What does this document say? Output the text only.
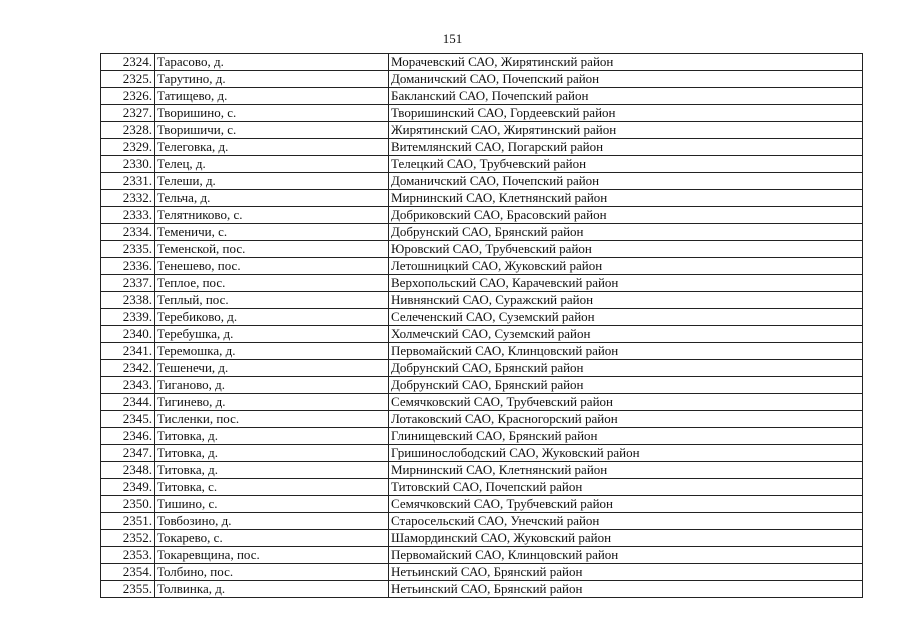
151
2324.	Тарасово, д.	Морачевский САО, Жирятинский район
2325.	Тарутино, д.	Доманичский САО, Почепский район
2326.	Татищево, д.	Бакланский САО, Почепский район
2327.	Творишино, с.	Творишинский САО, Гордеевский район
2328.	Творишичи, с.	Жирятинский САО, Жирятинский район
2329.	Телеговка, д.	Витемлянский САО, Погарский район
2330.	Телец, д.	Телецкий САО, Трубчевский район
2331.	Телеши, д.	Доманичский САО, Почепский район
2332.	Тельча, д.	Мирнинский САО, Клетнянский район
2333.	Телятниково, с.	Добриковский САО, Брасовский район
2334.	Теменичи, с.	Добрунский САО, Брянский район
2335.	Теменской, пос.	Юровский САО, Трубчевский район
2336.	Тенешево, пос.	Летошницкий САО, Жуковский район
2337.	Теплое, пос.	Верхопольский САО, Карачевский район
2338.	Теплый, пос.	Нивнянский САО, Суражский район
2339.	Теребиково, д.	Селеченский САО, Суземский район
2340.	Теребушка, д.	Холмечский САО, Суземский район
2341.	Теремошка, д.	Первомайский САО, Клинцовский район
2342.	Тешенечи, д.	Добрунский САО, Брянский район
2343.	Тиганово, д.	Добрунский САО, Брянский район
2344.	Тигинево, д.	Семячковский САО, Трубчевский район
2345.	Тисленки, пос.	Лотаковский САО, Красногорский район
2346.	Титовка, д.	Глинищевский САО, Брянский район
2347.	Титовка, д.	Гришинослободский САО, Жуковский район
2348.	Титовка, д.	Мирнинский САО, Клетнянский район
2349.	Титовка, с.	Титовский САО, Почепский район
2350.	Тишино, с.	Семячковский САО, Трубчевский район
2351.	Товбозино, д.	Старосельский САО, Унечский район
2352.	Токарево, с.	Шамординский САО, Жуковский район
2353.	Токаревщина, пос.	Первомайский САО, Клинцовский район
2354.	Толбино, пос.	Нетьинский САО, Брянский район
2355.	Толвинка, д.	Нетьинский САО, Брянский район
